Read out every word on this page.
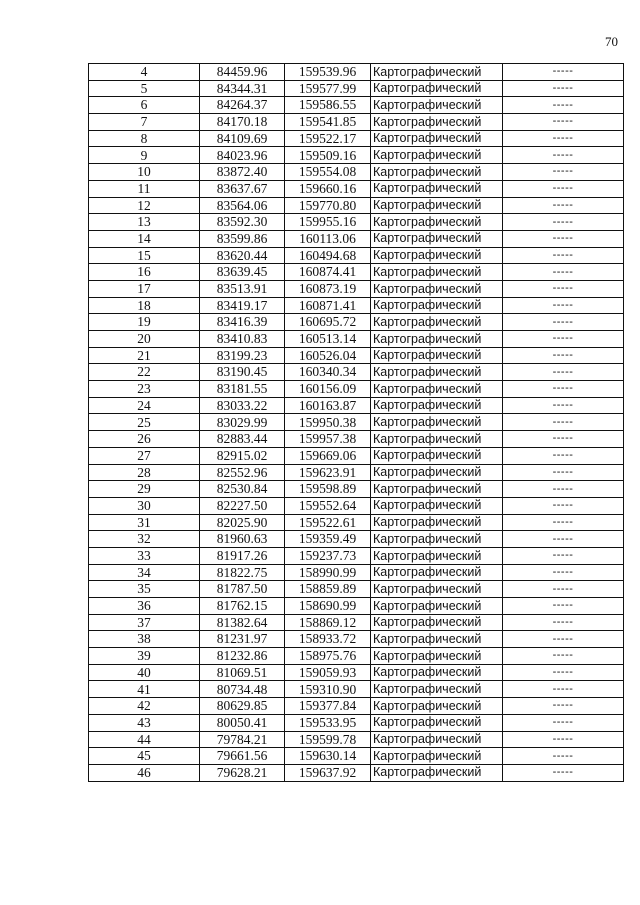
70
4	84459.96	159539.96	Картографический	-----
5	84344.31	159577.99	Картографический	-----
6	84264.37	159586.55	Картографический	-----
7	84170.18	159541.85	Картографический	-----
8	84109.69	159522.17	Картографический	-----
9	84023.96	159509.16	Картографический	-----
10	83872.40	159554.08	Картографический	-----
11	83637.67	159660.16	Картографический	-----
12	83564.06	159770.80	Картографический	-----
13	83592.30	159955.16	Картографический	-----
14	83599.86	160113.06	Картографический	-----
15	83620.44	160494.68	Картографический	-----
16	83639.45	160874.41	Картографический	-----
17	83513.91	160873.19	Картографический	-----
18	83419.17	160871.41	Картографический	-----
19	83416.39	160695.72	Картографический	-----
20	83410.83	160513.14	Картографический	-----
21	83199.23	160526.04	Картографический	-----
22	83190.45	160340.34	Картографический	-----
23	83181.55	160156.09	Картографический	-----
24	83033.22	160163.87	Картографический	-----
25	83029.99	159950.38	Картографический	-----
26	82883.44	159957.38	Картографический	-----
27	82915.02	159669.06	Картографический	-----
28	82552.96	159623.91	Картографический	-----
29	82530.84	159598.89	Картографический	-----
30	82227.50	159552.64	Картографический	-----
31	82025.90	159522.61	Картографический	-----
32	81960.63	159359.49	Картографический	-----
33	81917.26	159237.73	Картографический	-----
34	81822.75	158990.99	Картографический	-----
35	81787.50	158859.89	Картографический	-----
36	81762.15	158690.99	Картографический	-----
37	81382.64	158869.12	Картографический	-----
38	81231.97	158933.72	Картографический	-----
39	81232.86	158975.76	Картографический	-----
40	81069.51	159059.93	Картографический	-----
41	80734.48	159310.90	Картографический	-----
42	80629.85	159377.84	Картографический	-----
43	80050.41	159533.95	Картографический	-----
44	79784.21	159599.78	Картографический	-----
45	79661.56	159630.14	Картографический	-----
46	79628.21	159637.92	Картографический	-----
